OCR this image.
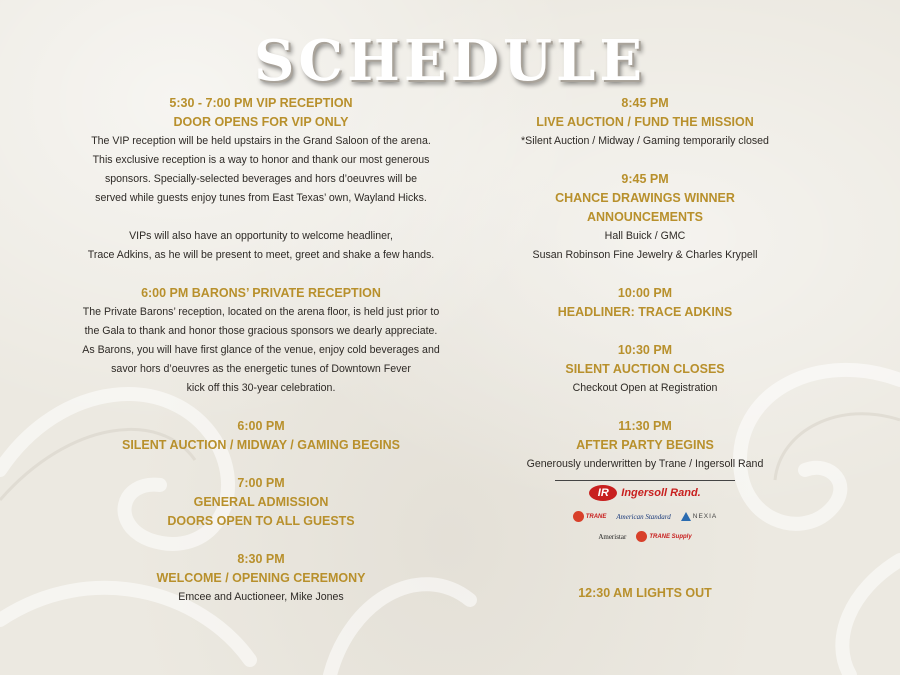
SCHEDULE
5:30 - 7:00 PM VIP RECEPTION
DOOR OPENS FOR VIP ONLY
The VIP reception will be held upstairs in the Grand Saloon of the arena.
This exclusive reception is a way to honor and thank our most generous
sponsors. Specially-selected beverages and hors d’oeuvres will be
served while guests enjoy tunes from East Texas’ own, Wayland Hicks.
VIPs will also have an opportunity to welcome headliner,
Trace Adkins, as he will be present to meet, greet and shake a few hands.
6:00 PM BARONS’ PRIVATE RECEPTION
The Private Barons’ reception, located on the arena floor, is held just prior to
the Gala to thank and honor those gracious sponsors we dearly appreciate.
As Barons, you will have first glance of the venue, enjoy cold beverages and
savor hors d’oeuvres as the energetic tunes of Downtown Fever
kick off this 30-year celebration.
6:00 PM
SILENT AUCTION / MIDWAY / GAMING BEGINS
7:00 PM
GENERAL ADMISSION
DOORS OPEN TO ALL GUESTS
8:30 PM
WELCOME / OPENING CEREMONY
Emcee and Auctioneer, Mike Jones
8:45 PM
LIVE AUCTION / FUND THE MISSION
*Silent Auction / Midway / Gaming temporarily closed
9:45 PM
CHANCE DRAWINGS WINNER
ANNOUNCEMENTS
Hall Buick / GMC
Susan Robinson Fine Jewelry & Charles Krypell
10:00 PM
HEADLINER: TRACE ADKINS
10:30 PM
SILENT AUCTION CLOSES
Checkout Open at Registration
11:30 PM
AFTER PARTY BEGINS
Generously underwritten by Trane / Ingersoll Rand
IR	Ingersoll Rand.
TRANE American Standard	NEXIA
Ameristar	TRANE Supply
12:30 AM LIGHTS OUT
